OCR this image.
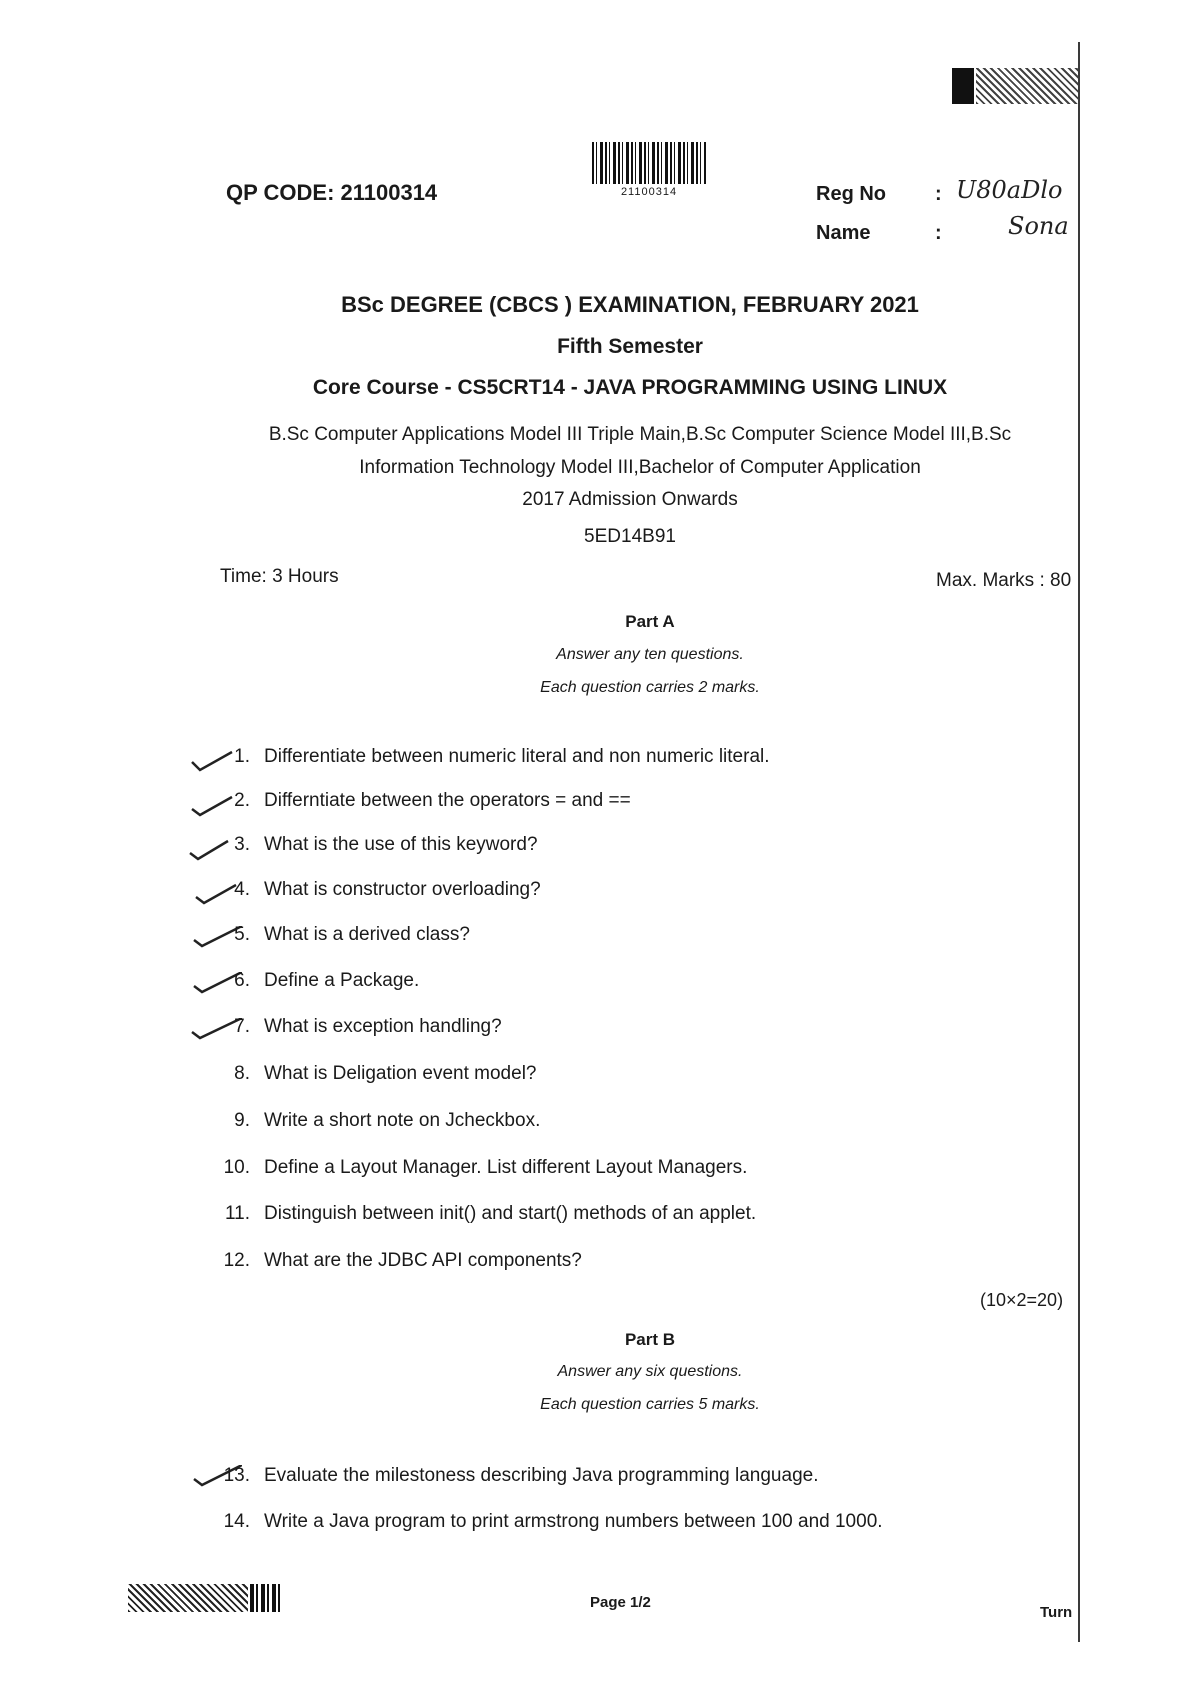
21100314
QP CODE: 21100314	Reg No : U80aDlo
Name	:	Sona
BSc DEGREE (CBCS ) EXAMINATION, FEBRUARY 2021
Fifth Semester
Core Course - CS5CRT14 - JAVA PROGRAMMING USING LINUX
B.Sc Computer Applications Model III Triple Main,B.Sc Computer Science Model III,B.Sc
Information Technology Model III,Bachelor of Computer Application
2017 Admission Onwards
5ED14B91
Time: 3 Hours	Max. Marks : 80
Part A
Answer any ten questions.
Each question carries 2 marks.
1. Differentiate between numeric literal and non numeric literal.
2. Differntiate between the operators = and ==
3. What is the use of this keyword?
4. What is constructor overloading?
5. What is a derived class?
6. Define a Package.
7. What is exception handling?
8. What is Deligation event model?
9. Write a short note on Jcheckbox.
10. Define a Layout Manager. List different Layout Managers.
11. Distinguish between init() and start() methods of an applet.
12. What are the JDBC API components?
(10×2=20)
Part B
Answer any six questions.
Each question carries 5 marks.
13. Evaluate the milestoness describing Java programming language.
14. Write a Java program to print armstrong numbers between 100 and 1000.
Page 1/2
Turn
